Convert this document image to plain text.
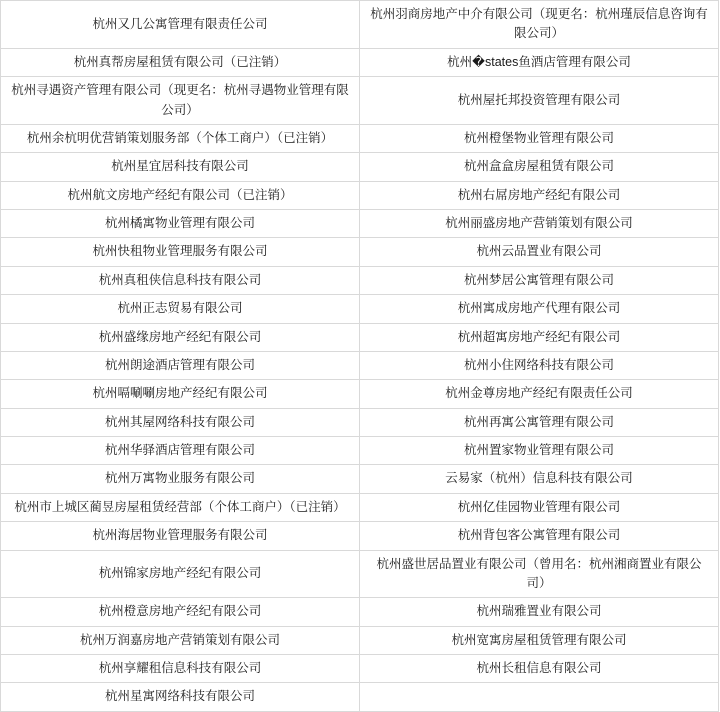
杭州又几公寓管理有限责任公司	杭州羽商房地产中介有限公司（现更名：杭州瑾辰信息咨询有限公司）
杭州真帮房屋租赁有限公司（已注销）	杭州�states鱼酒店管理有限公司
杭州寻遇资产管理有限公司（现更名：杭州寻遇物业管理有限公司）	杭州屋托邦投资管理有限公司
杭州余杭明优营销策划服务部（个体工商户）（已注销）	杭州橙堡物业管理有限公司
杭州星宜居科技有限公司	杭州盒盒房屋租赁有限公司
杭州航文房地产经纪有限公司（已注销）	杭州右屌房地产经纪有限公司
杭州橘寓物业管理有限公司	杭州丽盛房地产营销策划有限公司
杭州快租物业管理服务有限公司	杭州云品置业有限公司
杭州真租侠信息科技有限公司	杭州梦居公寓管理有限公司
杭州正志贸易有限公司	杭州寓成房地产代理有限公司
杭州盛缘房地产经纪有限公司	杭州超寓房地产经纪有限公司
杭州朗途酒店管理有限公司	杭州小住网络科技有限公司
杭州嗝唰唰房地产经纪有限公司	杭州金尊房地产经纪有限责任公司
杭州其屋网络科技有限公司	杭州再寓公寓管理有限公司
杭州华驿酒店管理有限公司	杭州置家物业管理有限公司
杭州万寓物业服务有限公司	云易家（杭州）信息科技有限公司
杭州市上城区蔺昱房屋租赁经营部（个体工商户）（已注销）	杭州亿佳园物业管理有限公司
杭州海居物业管理服务有限公司	杭州背包客公寓管理有限公司
杭州锦家房地产经纪有限公司	杭州盛世居品置业有限公司（曾用名：杭州湘商置业有限公司）
杭州橙意房地产经纪有限公司	杭州瑞雅置业有限公司
杭州万润嘉房地产营销策划有限公司	杭州宽寓房屋租赁管理有限公司
杭州享耀租信息科技有限公司	杭州长租信息有限公司
杭州星寓网络科技有限公司	
